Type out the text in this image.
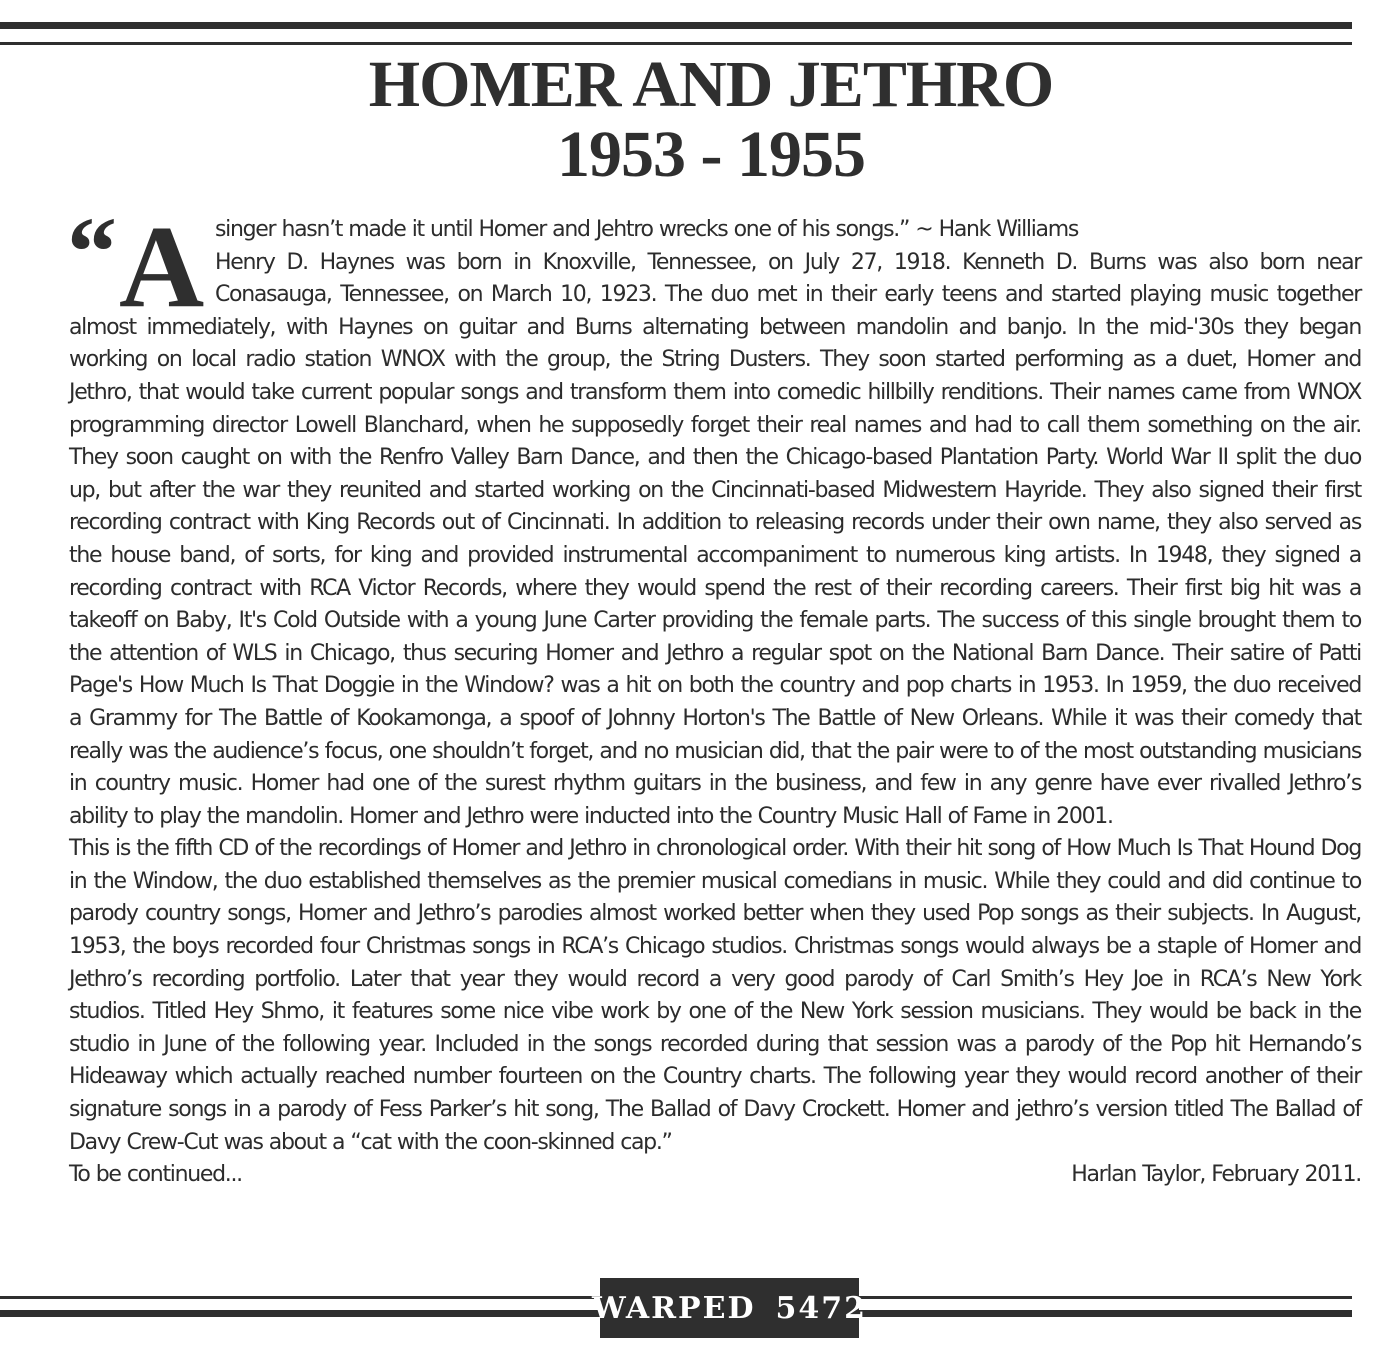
HOMER AND JETHRO
1953 - 1955
“ A singer hasn’t made it until Homer and Jehtro wrecks one of his songs.” ~ Hank Williams

Henry D. Haynes was born in Knoxville, Tennessee, on July 27, 1918. Kenneth D. Burns was also born near Conasauga, Tennessee, on March 10, 1923. The duo met in their early teens and started playing music together almost immediately, with Haynes on guitar and Burns alternating between mandolin and banjo. In the mid-'30s they began working on local radio station WNOX with the group, the String Dusters. They soon started performing as a duet, Homer and Jethro, that would take current popular songs and transform them into comedic hillbilly renditions. Their names came from WNOX programming director Lowell Blanchard, when he supposedly forget their real names and had to call them something on the air. They soon caught on with the Renfro Valley Barn Dance, and then the Chicago-based Plantation Party. World War II split the duo up, but after the war they reunited and started working on the Cincinnati-based Midwestern Hayride. They also signed their first recording contract with King Records out of Cincinnati. In addition to releasing records under their own name, they also served as the house band, of sorts, for king and provided instrumental accompaniment to numerous king artists. In 1948, they signed a recording contract with RCA Victor Records, where they would spend the rest of their recording careers. Their first big hit was a takeoff on Baby, It's Cold Outside with a young June Carter providing the female parts. The success of this single brought them to the attention of WLS in Chicago, thus securing Homer and Jethro a regular spot on the National Barn Dance. Their satire of Patti Page's How Much Is That Doggie in the Window? was a hit on both the country and pop charts in 1953. In 1959, the duo received a Grammy for The Battle of Kookamonga, a spoof of Johnny Horton's The Battle of New Orleans. While it was their comedy that really was the audience’s focus, one shouldn’t forget, and no musician did, that the pair were to of the most outstanding musicians in country music. Homer had one of the surest rhythm guitars in the business, and few in any genre have ever rivalled Jethro’s ability to play the mandolin. Homer and Jethro were inducted into the Country Music Hall of Fame in 2001.

This is the fifth CD of the recordings of Homer and Jethro in chronological order. With their hit song of How Much Is That Hound Dog in the Window, the duo established themselves as the premier musical comedians in music. While they could and did continue to parody country songs, Homer and Jethro’s parodies almost worked better when they used Pop songs as their subjects. In August, 1953, the boys recorded four Christmas songs in RCA’s Chicago studios. Christmas songs would always be a staple of Homer and Jethro’s recording portfolio. Later that year they would record a very good parody of Carl Smith’s Hey Joe in RCA’s New York studios. Titled Hey Shmo, it features some nice vibe work by one of the New York session musicians. They would be back in the studio in June of the following year. Included in the songs recorded during that session was a parody of the Pop hit Hernando’s Hideaway which actually reached number fourteen on the Country charts. The following year they would record another of their signature songs in a parody of Fess Parker’s hit song, The Ballad of Davy Crockett. Homer and jethro’s version titled The Ballad of Davy Crew-Cut was about a “cat with the coon-skinned cap.”

To be continued...	Harlan Taylor, February 2011.
WARPED 5472
